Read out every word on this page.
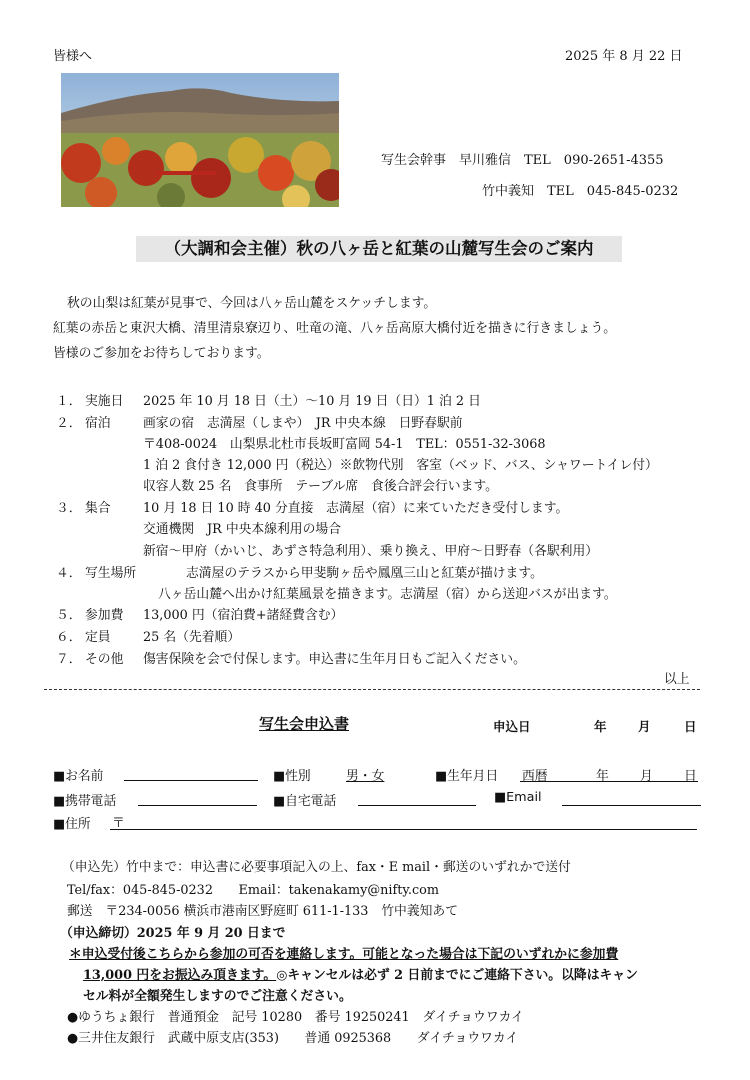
皆様へ	2025 年 8 月 22 日
写生会幹事　早川雅信　TEL　090-2651-4355
竹中義知　TEL　045-845-0232
（大調和会主催）秋の八ヶ岳と紅葉の山麓写生会のご案内
秋の山梨は紅葉が見事で、今回は八ヶ岳山麓をスケッチします。
紅葉の赤岳と東沢大橋、清里清泉寮辺り、吐竜の滝、八ヶ岳高原大橋付近を描きに行きましょう。
皆様のご参加をお待ちしております。
１． 実施日 2025 年 10 月 18 日（土）～10 月 19 日（日）1 泊 2 日
２． 宿泊	画家の宿　志満屋（しまや）　JR 中央本線　日野春駅前
〒408-0024　山梨県北杜市長坂町富岡 54-1　TEL：0551-32-3068
1 泊 2 食付き 12,000 円（税込）※飲物代別　客室（ベッド、バス、シャワートイレ付）
収容人数 25 名　食事所　テーブル席　食後合評会行います。
３． 集合	10 月 18 日 10 時 40 分直接　志満屋（宿）に来ていただき受付します。
交通機関　JR 中央本線利用の場合
新宿～甲府（かいじ、あずさ特急利用）、乗り換え、甲府～日野春（各駅利用）
４． 写生場所	志満屋のテラスから甲斐駒ヶ岳や鳳凰三山と紅葉が描けます。
八ヶ岳山麓へ出かけ紅葉風景を描きます。志満屋（宿）から送迎バスが出ます。
５． 参加費 13,000 円（宿泊費+諸経費含む）
６． 定員	25 名（先着順）
７． その他 傷害保険を会で付保します。申込書に生年月日もご記入ください。
以上
写生会申込書	申込日	年	月	日
■お名前	■性別	男・女	■生年月日 西暦	年 月 日
■携帯電話	■自宅電話	■Email
■住所 〒
（申込先）竹中まで：申込書に必要事項記入の上、fax・E mail・郵送のいずれかで送付
Tel/fax：045-845-0232　　Email：takenakamy@nifty.com
郵送　〒234-0056 横浜市港南区野庭町 611-1-133　竹中義知あて
（申込締切）2025 年 9 月 20 日まで
＊申込受付後こちらから参加の可否を連絡します。可能となった場合は下記のいずれかに参加費
13,000 円をお振込み頂きます。◎キャンセルは必ず 2 日前までにご連絡下さい。以降はキャン
セル料が全額発生しますのでご注意ください。
●ゆうちょ銀行　普通預金　記号 10280　番号 19250241　ダイチョウワカイ
●三井住友銀行　武蔵中原支店(353)　　普通 0925368　　ダイチョウワカイ
